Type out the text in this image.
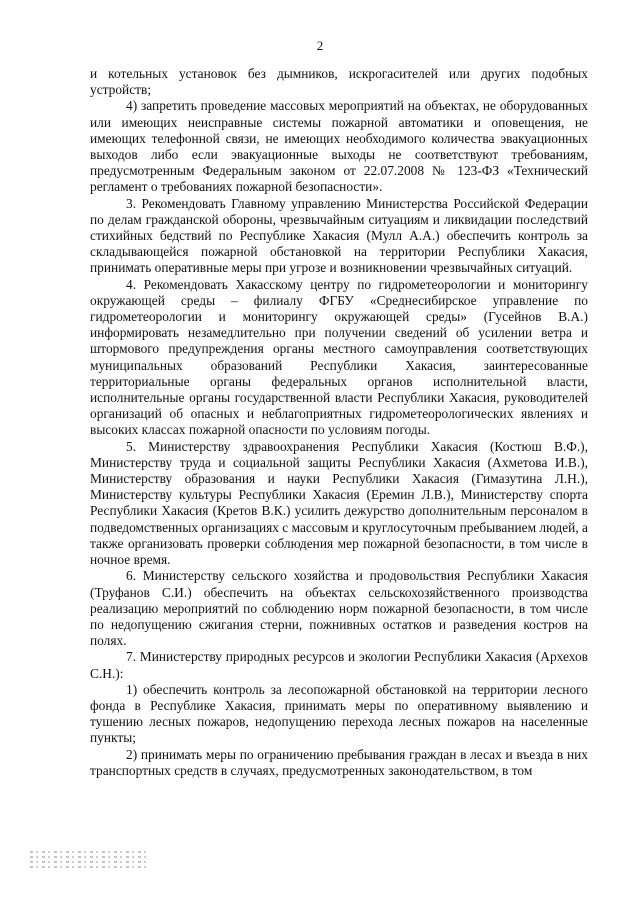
2

и котельных установок без дымников, искрогасителей или других подобных устройств;

4) запретить проведение массовых мероприятий на объектах, не оборудованных или имеющих неисправные системы пожарной автоматики и оповещения, не имеющих телефонной связи, не имеющих необходимого количества эвакуационных выходов либо если эвакуационные выходы не соответствуют требованиям, предусмотренным Федеральным законом от 22.07.2008 № 123-ФЗ «Технический регламент о требованиях пожарной безопасности».

3. Рекомендовать Главному управлению Министерства Российской Федерации по делам гражданской обороны, чрезвычайным ситуациям и ликвидации последствий стихийных бедствий по Республике Хакасия (Мулл А.А.) обеспечить контроль за складывающейся пожарной обстановкой на территории Республики Хакасия, принимать оперативные меры при угрозе и возникновении чрезвычайных ситуаций.

4. Рекомендовать Хакасскому центру по гидрометеорологии и мониторингу окружающей среды – филиалу ФГБУ «Среднесибирское управление по гидрометеорологии и мониторингу окружающей среды» (Гусейнов В.А.) информировать незамедлительно при получении сведений об усилении ветра и штормового предупреждения органы местного самоуправления соответствующих муниципальных образований Республики Хакасия, заинтересованные территориальные органы федеральных органов исполнительной власти, исполнительные органы государственной власти Республики Хакасия, руководителей организаций об опасных и неблагоприятных гидрометеорологических явлениях и высоких классах пожарной опасности по условиям погоды.

5. Министерству здравоохранения Республики Хакасия (Костюш В.Ф.), Министерству труда и социальной защиты Республики Хакасия (Ахметова И.В.), Министерству образования и науки Республики Хакасия (Гимазутина Л.Н.), Министерству культуры Республики Хакасия (Еремин Л.В.), Министерству спорта Республики Хакасия (Кретов В.К.) усилить дежурство дополнительным персоналом в подведомственных организациях с массовым и круглосуточным пребыванием людей, а также организовать проверки соблюдения мер пожарной безопасности, в том числе в ночное время.

6. Министерству сельского хозяйства и продовольствия Республики Хакасия (Труфанов С.И.) обеспечить на объектах сельскохозяйственного производства реализацию мероприятий по соблюдению норм пожарной безопасности, в том числе по недопущению сжигания стерни, пожнивных остатков и разведения костров на полях.

7. Министерству природных ресурсов и экологии Республики Хакасия (Архехов С.Н.):

1) обеспечить контроль за лесопожарной обстановкой на территории лесного фонда в Республике Хакасия, принимать меры по оперативному выявлению и тушению лесных пожаров, недопущению перехода лесных пожаров на населенные пункты;

2) принимать меры по ограничению пребывания граждан в лесах и въезда в них транспортных средств в случаях, предусмотренных законодательством, в том
